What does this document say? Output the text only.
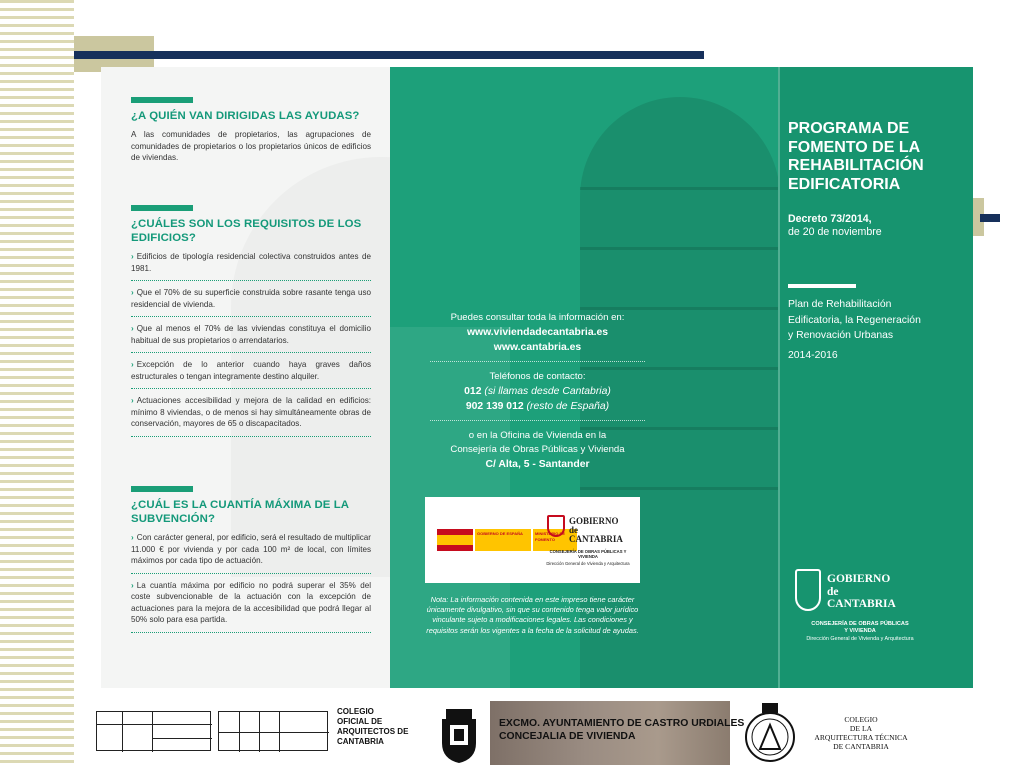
¿A QUIÉN VAN DIRIGIDAS LAS AYUDAS?

A las comunidades de propietarios, las agrupaciones de comunidades de propietarios o los propietarios únicos de edificios de viviendas.

¿CUÁLES SON LOS REQUISITOS DE LOS EDIFICIOS?
› Edificios de tipología residencial colectiva construidos antes de 1981.
› Que el 70% de su superficie construida sobre rasante tenga uso residencial de vivienda.
› Que al menos el 70% de las viviendas constituya el domicilio habitual de sus propietarios o arrendatarios.
› Excepción de lo anterior cuando haya graves daños estructurales o tengan integramente destino alquiler.
› Actuaciones accesibilidad y mejora de la calidad en edificios: mínimo 8 viviendas, o de menos si hay simultáneamente obras de conservación, mayores de 65 o discapacitados.
¿CUÁL ES LA CUANTÍA MÁXIMA DE LA SUBVENCIÓN?
› Con carácter general, por edificio, será el resultado de multiplicar 11.000 € por vivienda y por cada 100 m² de local, con límites máximos por cada tipo de actuación.
› La cuantía máxima por edificio no podrá superar el 35% del coste subvencionable de la actuación con la excepción de actuaciones para la mejora de la accesibilidad que podrá llegar al 50% solo para esa partida.
Puedes consultar toda la información en:
www.viviendadecantabria.es
www.cantabria.es
Teléfonos de contacto:
012 (si llamas desde Cantabria)
902 139 012 (resto de España)
o en la Oficina de Vivienda en la
Consejería de Obras Públicas y Vivienda
C/ Alta, 5 - Santander
GOBIERNO DE ESPAÑA	MINISTERIO DE FOMENTO
GOBIERNO
de
CANTABRIA
CONSEJERÍA DE OBRAS PÚBLICAS Y VIVIENDA
Dirección General de Vivienda y Arquitectura
Nota: La información contenida en este impreso tiene carácter únicamente divulgativo, sin que su contenido tenga valor jurídico vinculante sujeto a modificaciones legales. Las condiciones y requisitos serán los vigentes a la fecha de la solicitud de ayudas.
PROGRAMA DE
FOMENTO DE LA
REHABILITACIÓN
EDIFICATORIA
Decreto 73/2014,
de 20 de noviembre
Plan de Rehabilitación
Edificatoria, la Regeneración
y Renovación Urbanas
2014-2016
GOBIERNO
de
CANTABRIA
CONSEJERÍA DE OBRAS PÚBLICAS
Y VIVIENDA
Dirección General de Vivienda y Arquitectura
COLEGIO
OFICIAL DE
ARQUITECTOS DE
CANTABRIA
EXCMO. AYUNTAMIENTO DE CASTRO URDIALES
CONCEJALIA DE VIVIENDA
COLEGIO
DE LA
ARQUITECTURA TÉCNICA
DE CANTABRIA
